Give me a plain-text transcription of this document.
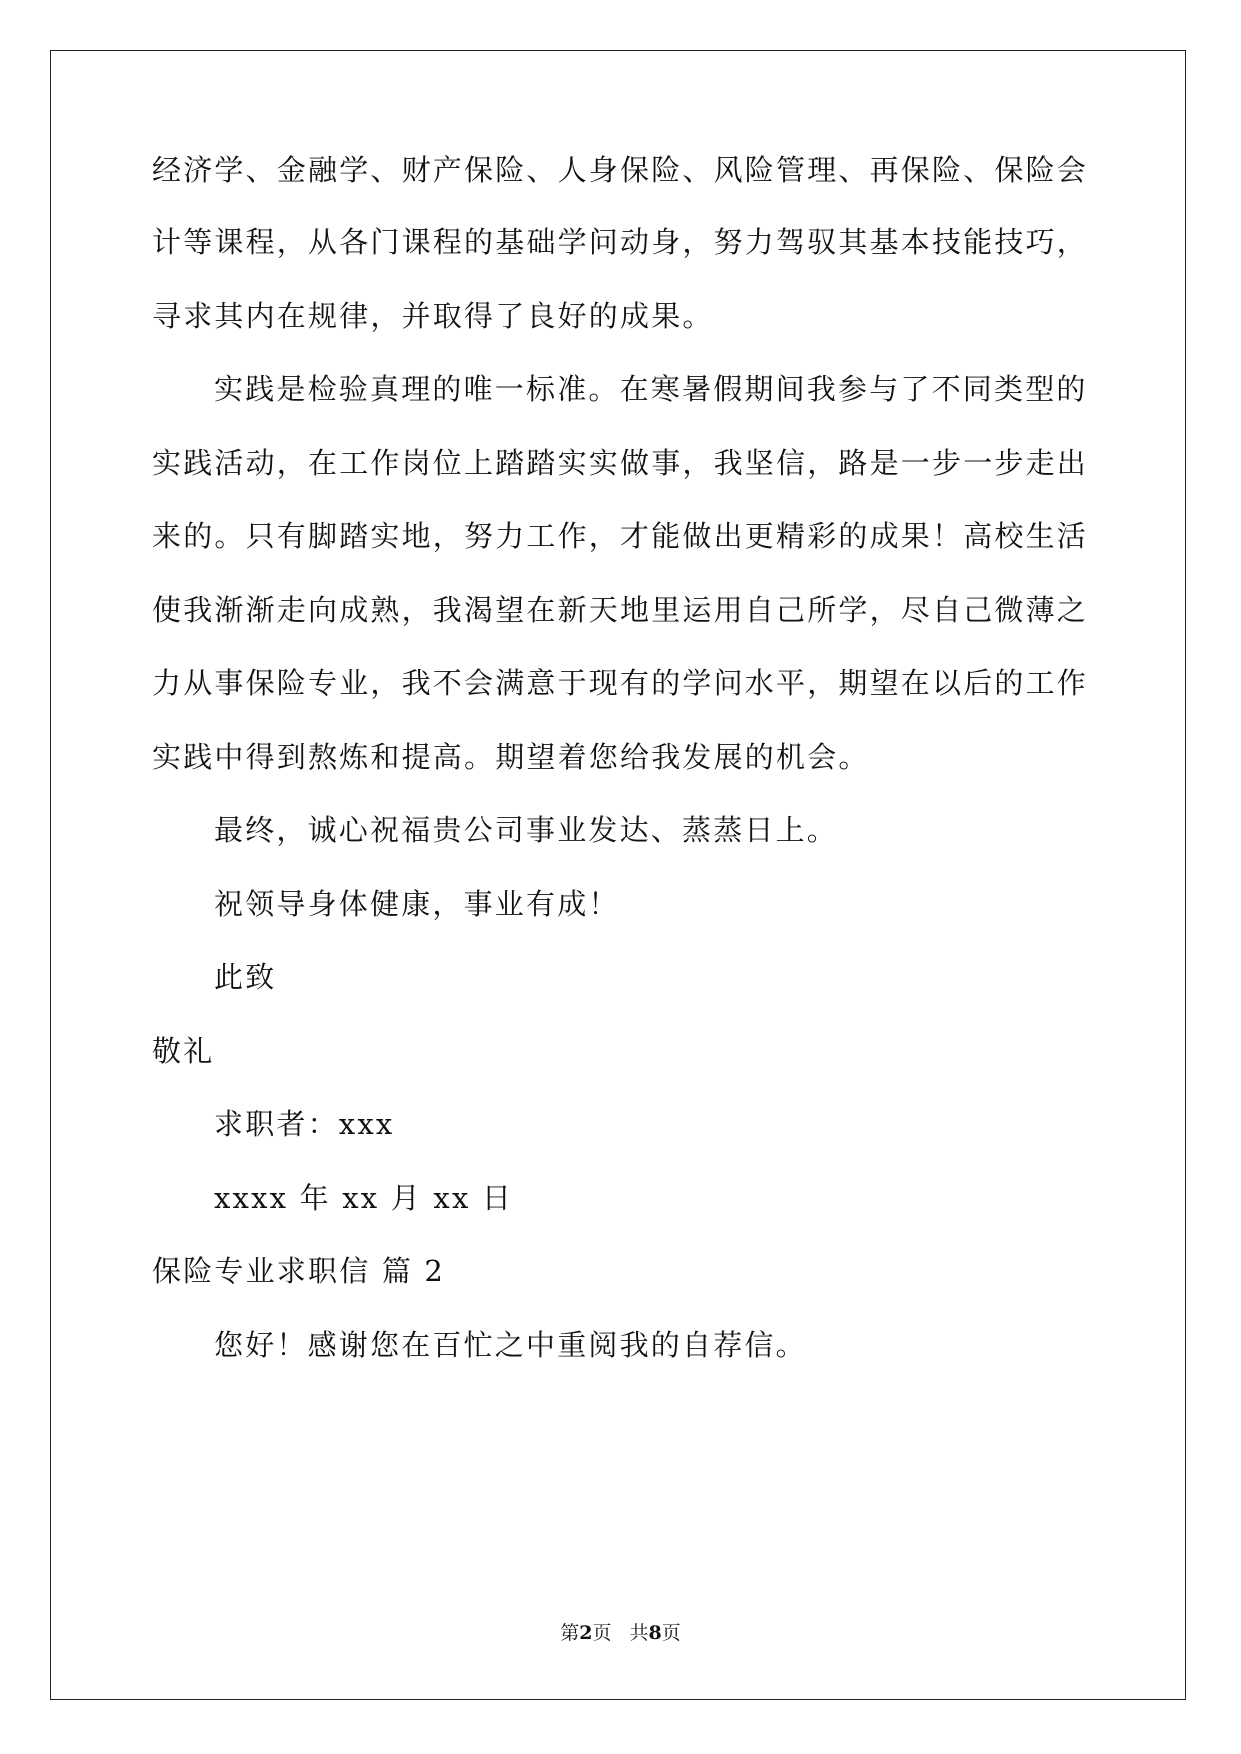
经济学、金融学、财产保险、人身保险、风险管理、再保险、保险会
计等课程，从各门课程的基础学问动身，努力驾驭其基本技能技巧，
寻求其内在规律，并取得了良好的成果。
实践是检验真理的唯一标准。在寒暑假期间我参与了不同类型的
实践活动，在工作岗位上踏踏实实做事，我坚信，路是一步一步走出
来的。只有脚踏实地，努力工作，才能做出更精彩的成果！高校生活
使我渐渐走向成熟，我渴望在新天地里运用自己所学，尽自己微薄之
力从事保险专业，我不会满意于现有的学问水平，期望在以后的工作
实践中得到熬炼和提高。期望着您给我发展的机会。
最终，诚心祝福贵公司事业发达、蒸蒸日上。
祝领导身体健康，事业有成！
此致
敬礼
求职者：xxx
xxxx 年 xx 月 xx 日
保险专业求职信 篇 2
您好！感谢您在百忙之中重阅我的自荐信。
第2页 共8页
